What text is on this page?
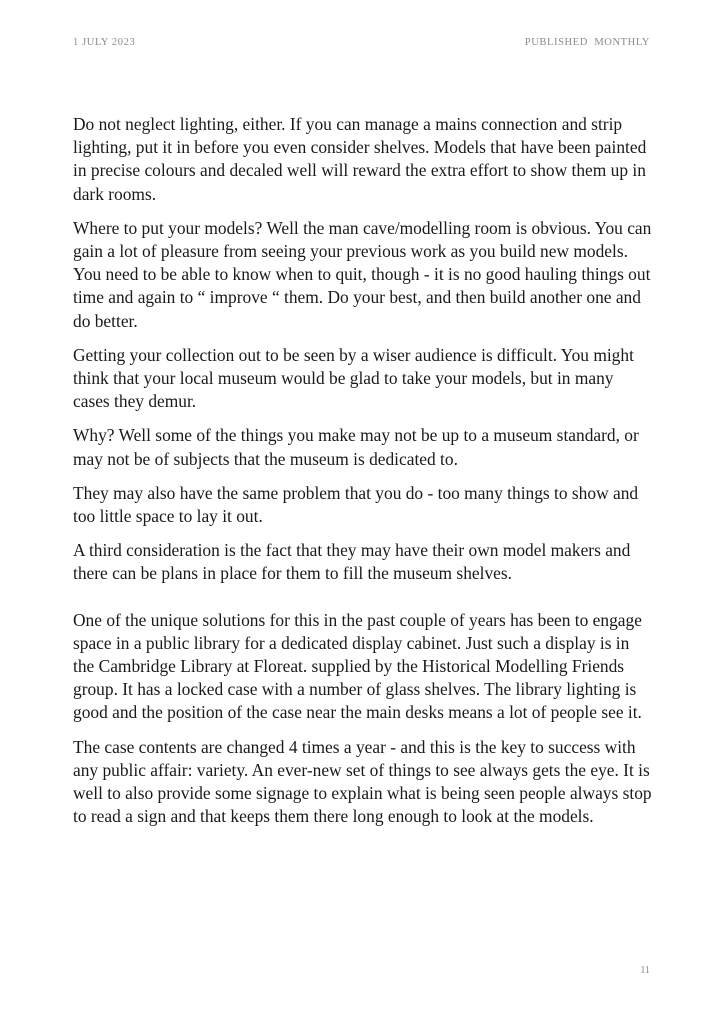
1 JULY 2023	PUBLISHED  MONTHLY

Do not neglect lighting, either. If you can manage a mains connection and strip lighting, put it in before you even consider shelves. Models that have been painted in precise colours and decaled well will reward the extra effort to show them up in dark rooms.

Where to put your models? Well the man cave/modelling room is obvious. You can gain a lot of pleasure from seeing your previous work as you build new models. You need to be able to know when to quit, though - it is no good hauling things out time and again to “ improve “ them. Do your best, and then build another one and do better.

Getting your collection out to be seen by a wiser audience is difficult. You might think that your local museum would be glad to take your models, but in many cases they demur.

Why? Well some of the things you make may not be up to a museum standard, or may not be of subjects that the museum is dedicated to.

They may also have the same problem that you do - too many things to show and too little space to lay it out.

A third consideration is the fact that they may have their own model makers and there can be plans in place for them to fill the museum shelves.

One of the unique solutions for this in the past couple of years has been to engage space in a public library for a dedicated display cabinet. Just such a display is in the Cambridge Library at Floreat. supplied by the Historical Modelling Friends group. It has a locked case with a number of glass shelves. The library lighting is good and the position of the case near the main desks means a lot of people see it.

The case contents are changed 4 times a year - and this is the key to success with any public affair: variety. An ever-new set of things to see always gets the eye. It is well to also provide some signage to explain what is being seen people always stop to read a sign and that keeps them there long enough to look at the models.

11
